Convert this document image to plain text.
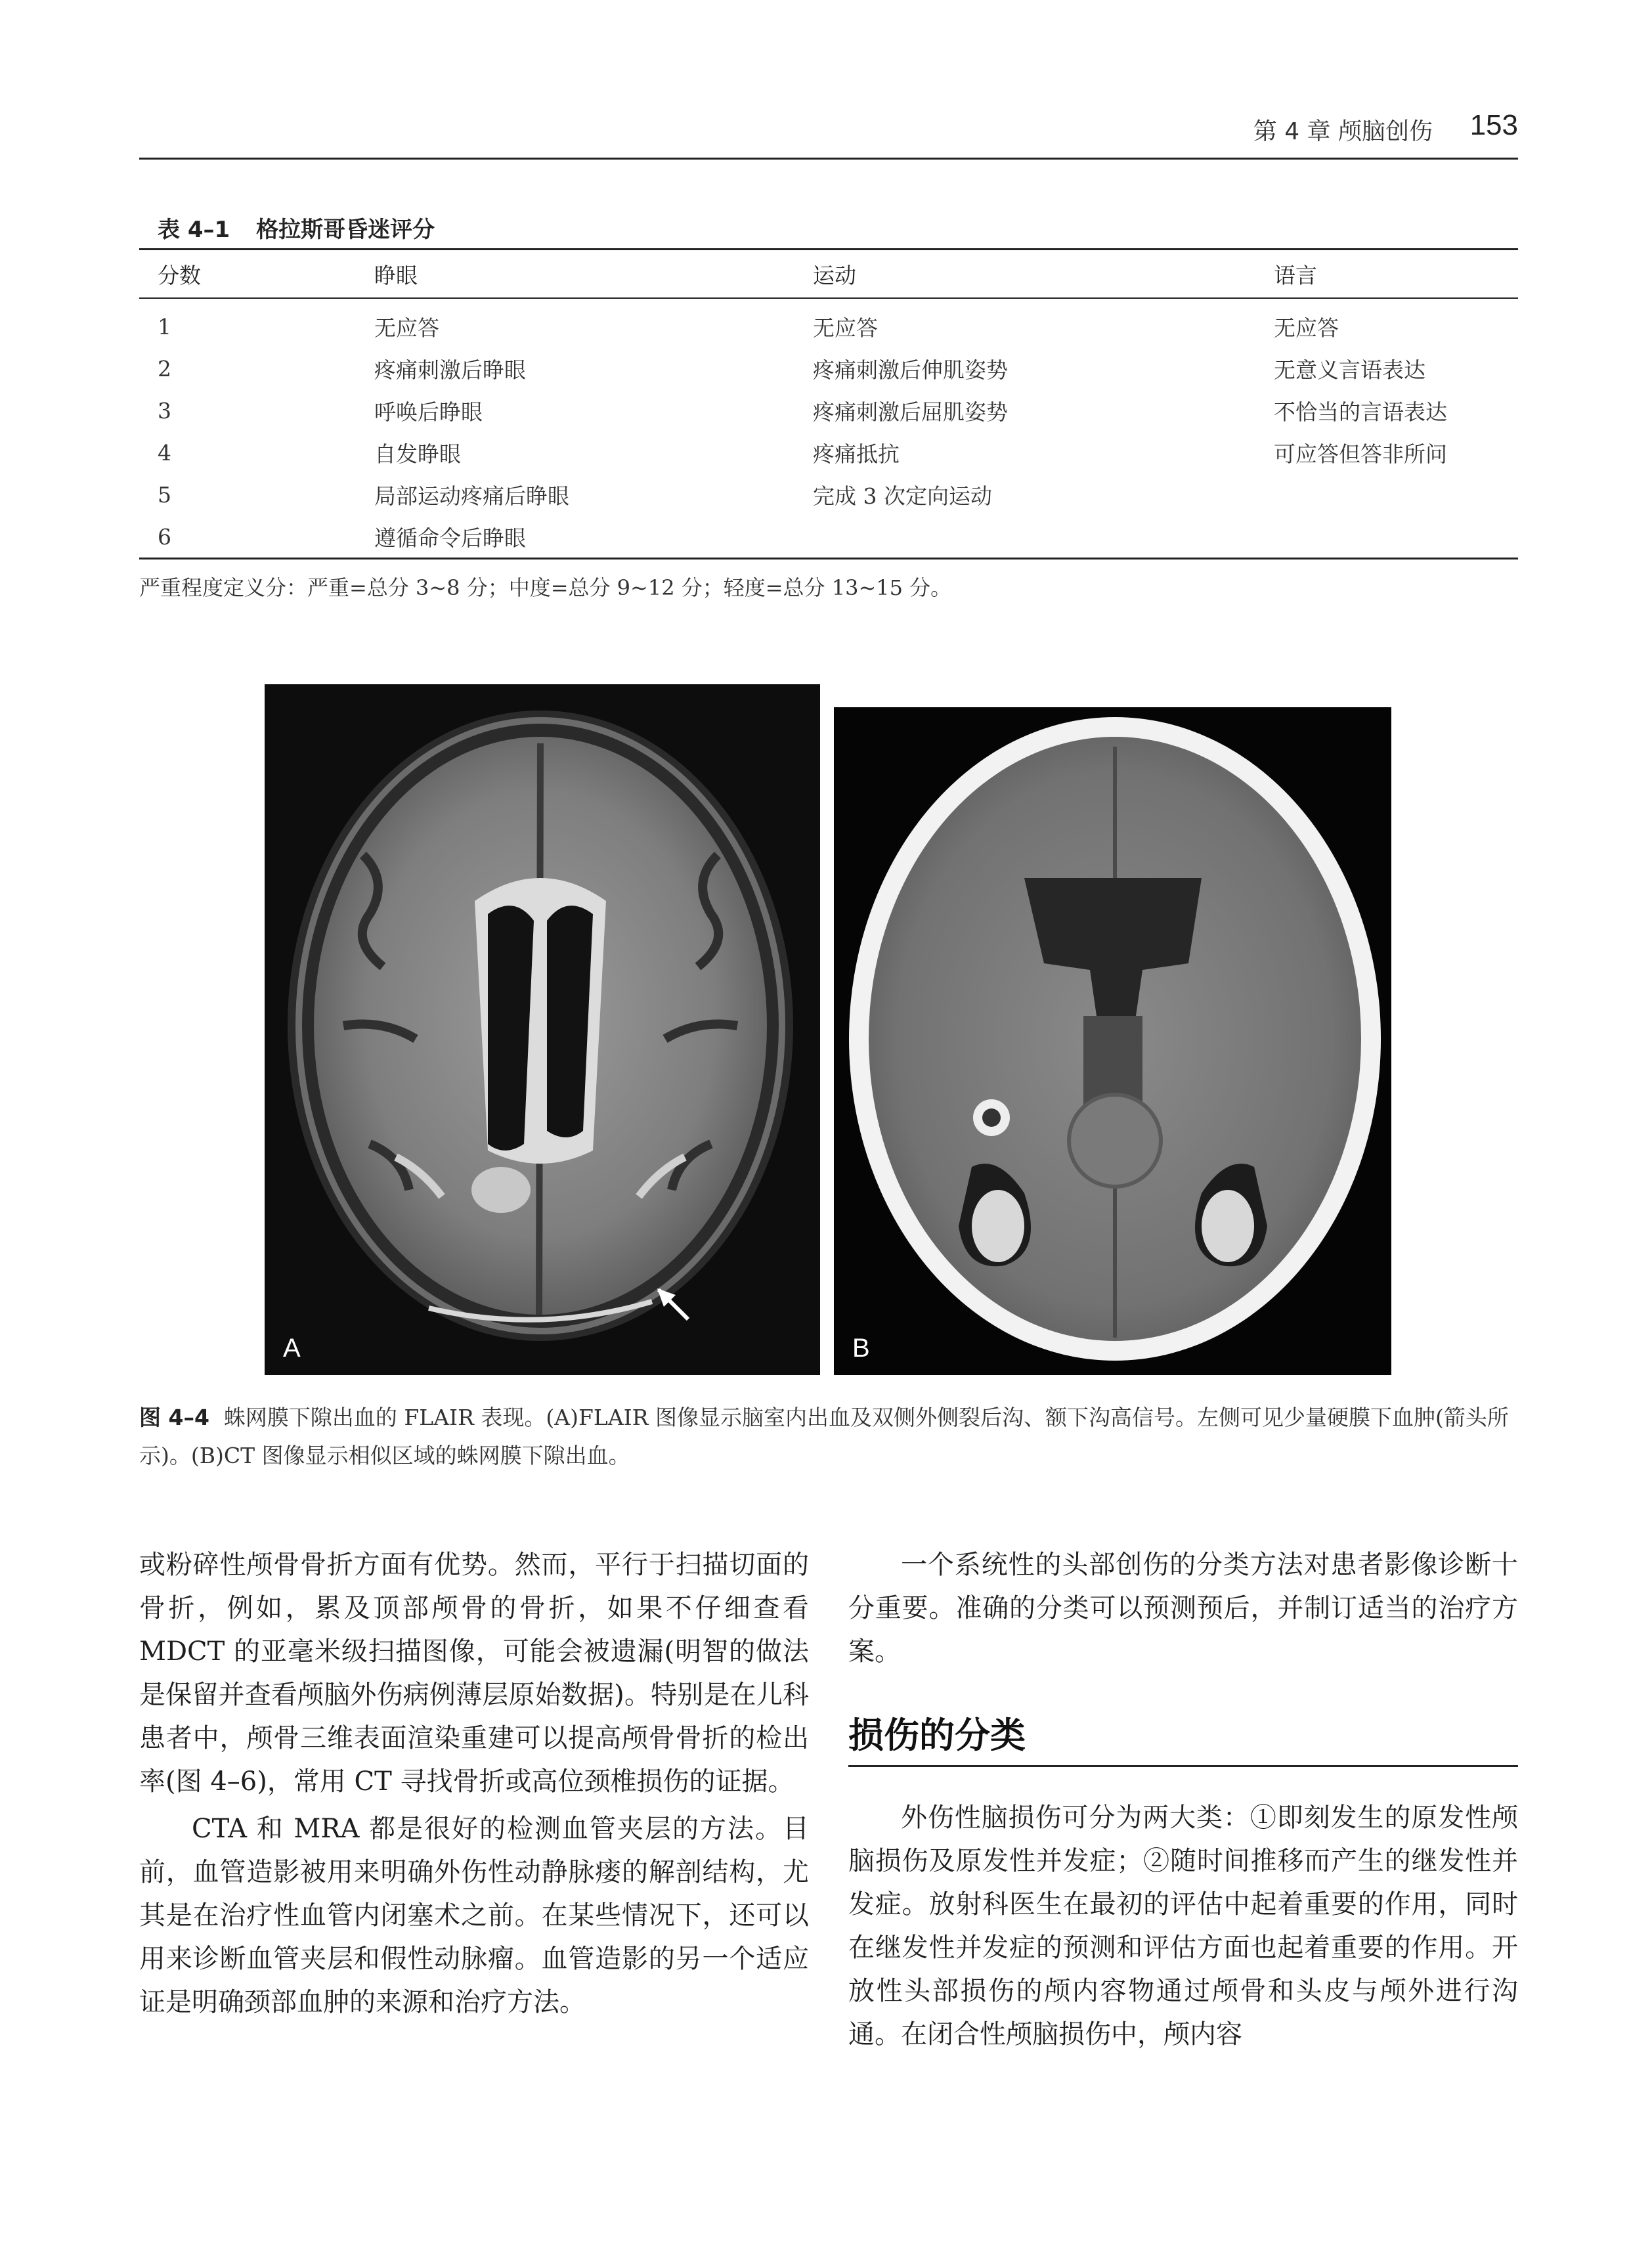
第 4 章 颅脑创伤 153
表 4–1 格拉斯哥昏迷评分
分数	睁眼	运动	语言
1	无应答	无应答	无应答
2	疼痛刺激后睁眼	疼痛刺激后伸肌姿势	无意义言语表达
3	呼唤后睁眼	疼痛刺激后屈肌姿势	不恰当的言语表达
4	自发睁眼	疼痛抵抗	可应答但答非所问
5	局部运动疼痛后睁眼	完成 3 次定向运动	
6	遵循命令后睁眼		
严重程度定义分：严重=总分 3~8 分；中度=总分 9~12 分；轻度=总分 13~15 分。
A	B
图 4–4 蛛网膜下隙出血的 FLAIR 表现。(A)FLAIR 图像显示脑室内出血及双侧外侧裂后沟、额下沟高信号。左侧可见少量硬膜下血肿(箭头所示)。(B)CT 图像显示相似区域的蛛网膜下隙出血。

或粉碎性颅骨骨折方面有优势。然而，平行于扫描切面的骨折，例如，累及顶部颅骨的骨折，如果不仔细查看 MDCT 的亚毫米级扫描图像，可能会被遗漏(明智的做法是保留并查看颅脑外伤病例薄层原始数据)。特别是在儿科患者中，颅骨三维表面渲染重建可以提高颅骨骨折的检出率(图 4–6)，常用 CT 寻找骨折或高位颈椎损伤的证据。

CTA 和 MRA 都是很好的检测血管夹层的方法。目前，血管造影被用来明确外伤性动静脉瘘的解剖结构，尤其是在治疗性血管内闭塞术之前。在某些情况下，还可以用来诊断血管夹层和假性动脉瘤。血管造影的另一个适应证是明确颈部血肿的来源和治疗方法。

一个系统性的头部创伤的分类方法对患者影像诊断十分重要。准确的分类可以预测预后，并制订适当的治疗方案。

损伤的分类

外伤性脑损伤可分为两大类：①即刻发生的原发性颅脑损伤及原发性并发症；②随时间推移而产生的继发性并发症。放射科医生在最初的评估中起着重要的作用，同时在继发性并发症的预测和评估方面也起着重要的作用。开放性头部损伤的颅内容物通过颅骨和头皮与颅外进行沟通。在闭合性颅脑损伤中，颅内容
